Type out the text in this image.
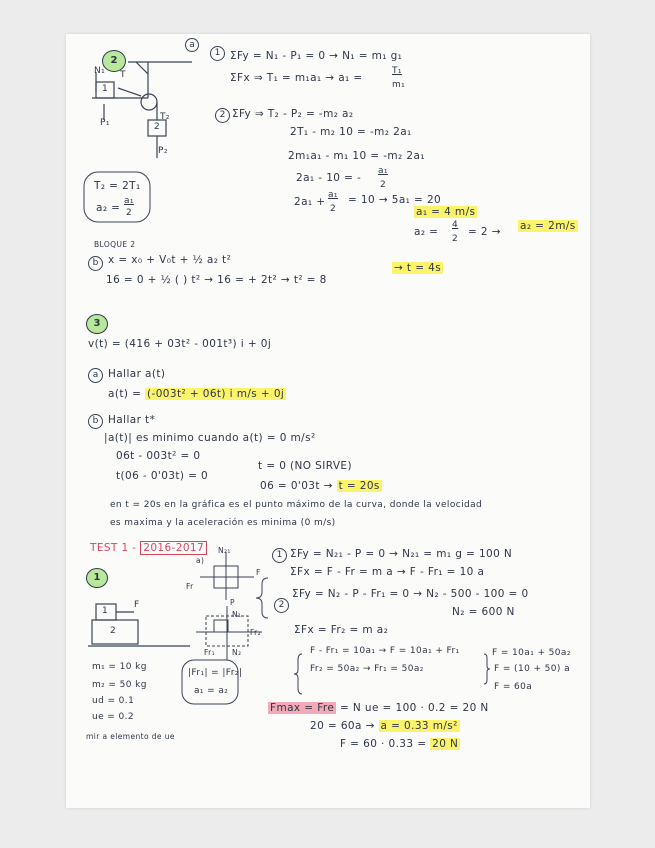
2
a
1
N₁ T
1
P₁
T₂
2
P₂
ΣFy = N₁ - P₁ = 0 → N₁ = m₁ g₁
ΣFx ⇒ T₁ = m₁a₁ → a₁ =
T₁
m₁
2 ΣFy ⇒ T₂ - P₂ = -m₂ a₂
2T₁ - m₂ 10 = -m₂ 2a₁
2m₁a₁ - m₁ 10 = -m₂ 2a₁
2a₁ - 10 = -
a₁
2
2a₁ +
a₁
2
= 10 → 5a₁ = 20
a₁ = 4 m/s
a₂ =
4
2
= 2 → a₂ = 2m/s
T₂ = 2T₁
a₂ =
a₁
2
BLOQUE 2
b x = x₀ + V₀t + ½ a₂ t²
16 = 0 + ½ ( ) t² → 16 = + 2t² → t² = 8
→ t = 4s
3
v(t) = (416 + 03t² - 001t³) i + 0j
a Hallar a(t)
a(t) = (-003t² + 06t) i m/s + 0j
b Hallar t*
|a(t)| es minimo cuando a(t) = 0 m/s²
06t - 003t² = 0
t(06 - 0'03t) = 0
t = 0 (NO SIRVE)
06 = 0'03t → t = 20s
en t = 20s en la gráfica es el punto máximo de la curva, donde la velocidad
es maxima y la aceleración es minima (0 m/s)
TEST 1 - 2016-2017
1
1
2
F
a)
N₂₁
F
Fr
P
N₁
Fr₂
Fr₁ N₂
m₁ = 10 kg
m₂ = 50 kg
ud = 0.1
ue = 0.2
mir a elemento de ue
|Fr₁| = |Fr₂|
a₁ = a₂
1 ΣFy = N₂₁ - P = 0 → N₂₁ = m₁ g = 100 N
ΣFx = F - Fr = m a → F - Fr₁ = 10 a
2
ΣFy = N₂ - P - Fr₁ = 0 → N₂ - 500 - 100 = 0
N₂ = 600 N
ΣFx = Fr₂ = m a₂
F - Fr₁ = 10a₁ → F = 10a₁ + Fr₁
Fr₂ = 50a₂ → Fr₁ = 50a₂
F = 10a₁ + 50a₂
F = (10 + 50) a
F = 60a
Fmax = Fre = N ue = 100 · 0.2 = 20 N
20 = 60a → a = 0.33 m/s²
F = 60 · 0.33 = 20 N
